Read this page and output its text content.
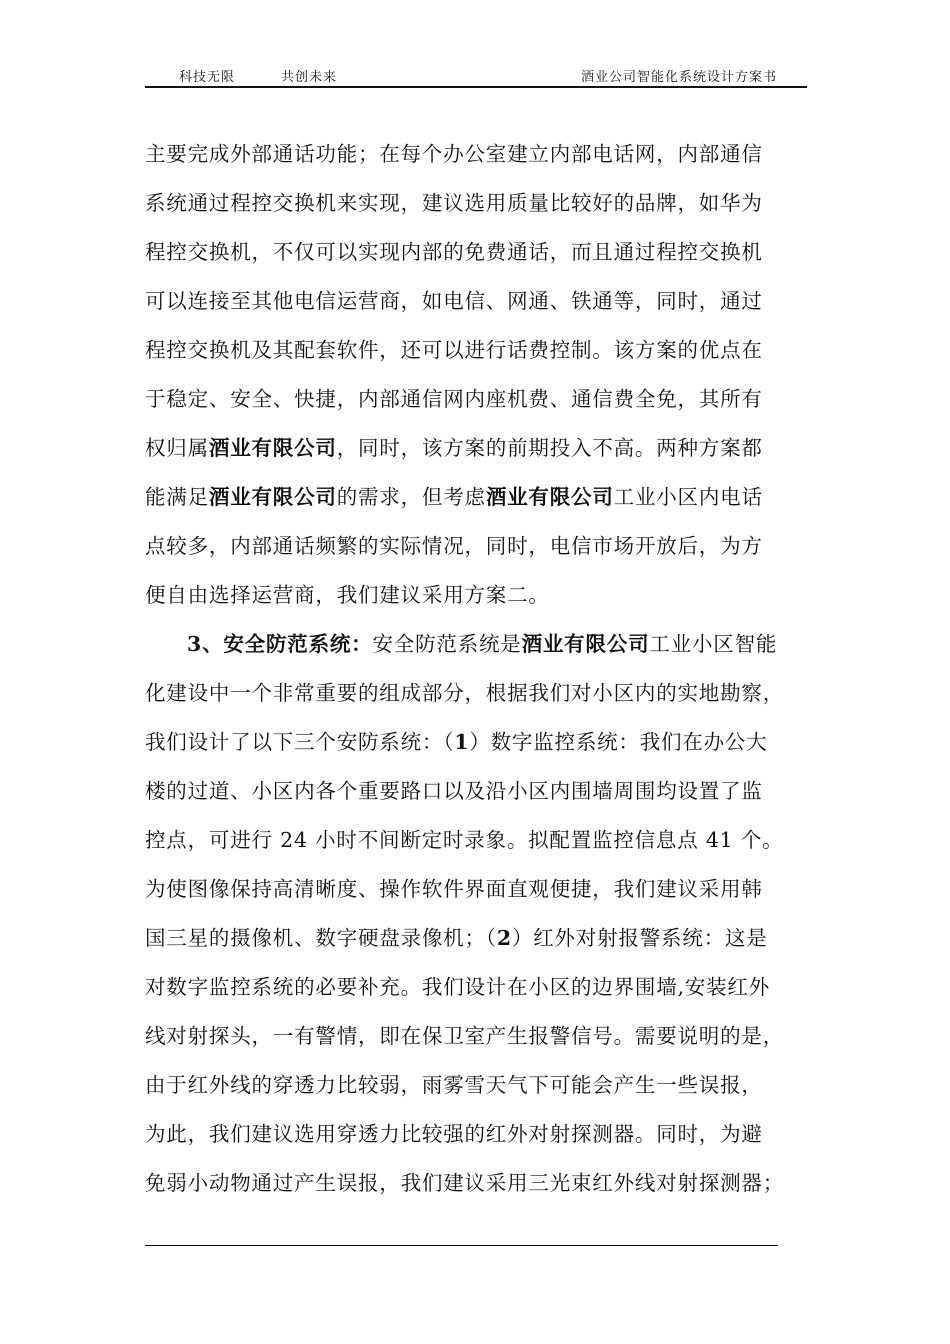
科技无限	共创未来	酒业公司智能化系统设计方案书
主要完成外部通话功能；在每个办公室建立内部电话网，内部通信
系统通过程控交换机来实现，建议选用质量比较好的品牌，如华为
程控交换机，不仅可以实现内部的免费通话，而且通过程控交换机
可以连接至其他电信运营商，如电信、网通、铁通等，同时，通过
程控交换机及其配套软件，还可以进行话费控制。该方案的优点在
于稳定、安全、快捷，内部通信网内座机费、通信费全免，其所有
权归属酒业有限公司，同时，该方案的前期投入不高。两种方案都
能满足酒业有限公司的需求，但考虑酒业有限公司工业小区内电话
点较多，内部通话频繁的实际情况，同时，电信市场开放后，为方
便自由选择运营商，我们建议采用方案二。
3、安全防范系统：安全防范系统是酒业有限公司工业小区智能
化建设中一个非常重要的组成部分，根据我们对小区内的实地勘察，
我们设计了以下三个安防系统：（1）数字监控系统：我们在办公大
楼的过道、小区内各个重要路口以及沿小区内围墙周围均设置了监
控点，可进行 24 小时不间断定时录象。拟配置监控信息点 41 个。
为使图像保持高清晰度、操作软件界面直观便捷，我们建议采用韩
国三星的摄像机、数字硬盘录像机；（2）红外对射报警系统：这是
对数字监控系统的必要补充。我们设计在小区的边界围墙,安装红外
线对射探头，一有警情，即在保卫室产生报警信号。需要说明的是，
由于红外线的穿透力比较弱，雨雾雪天气下可能会产生一些误报，
为此，我们建议选用穿透力比较强的红外对射探测器。同时，为避
免弱小动物通过产生误报，我们建议采用三光束红外线对射探测器；
